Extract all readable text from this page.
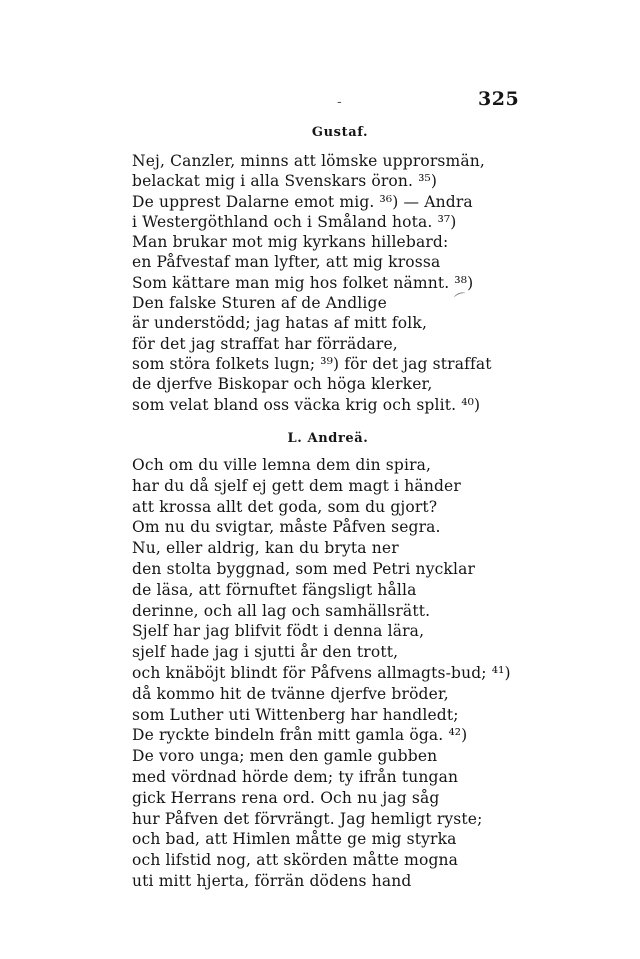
-	325
Gustaf.
Nej, Canzler, minns att lömske upprorsmän,
belackat mig i alla Svenskars öron. ³⁵)
De upprest Dalarne emot mig. ³⁶) — Andra
i Westergöthland och i Småland hota. ³⁷)
Man brukar mot mig kyrkans hillebard:
en Påfvestaf man lyfter, att mig krossa
Som kättare man mig hos folket nämnt. ³⁸)
Den falske Sturen af de Andlige
är understödd; jag hatas af mitt folk,
för det jag straffat har förrädare,
som störa folkets lugn; ³⁹) för det jag straffat
de djerfve Biskopar och höga klerker,
som velat bland oss väcka krig och split. ⁴⁰)
⌒
L. Andreä.
Och om du ville lemna dem din spira,
har du då sjelf ej gett dem magt i händer
att krossa allt det goda, som du gjort?
Om nu du svigtar, måste Påfven segra.
Nu, eller aldrig, kan du bryta ner
den stolta byggnad, som med Petri nycklar
de läsa, att förnuftet fängsligt hålla
derinne, och all lag och samhällsrätt.
Sjelf har jag blifvit födt i denna lära,
sjelf hade jag i sjutti år den trott,
och knäböjt blindt för Påfvens allmagts-bud; ⁴¹)
då kommo hit de tvänne djerfve bröder,
som Luther uti Wittenberg har handledt;
De ryckte bindeln från mitt gamla öga. ⁴²)
De voro unga; men den gamle gubben
med vördnad hörde dem; ty ifrån tungan
gick Herrans rena ord. Och nu jag såg
hur Påfven det förvrängt. Jag hemligt ryste;
och bad, att Himlen måtte ge mig styrka
och lifstid nog, att skörden måtte mogna
uti mitt hjerta, förrän dödens hand
